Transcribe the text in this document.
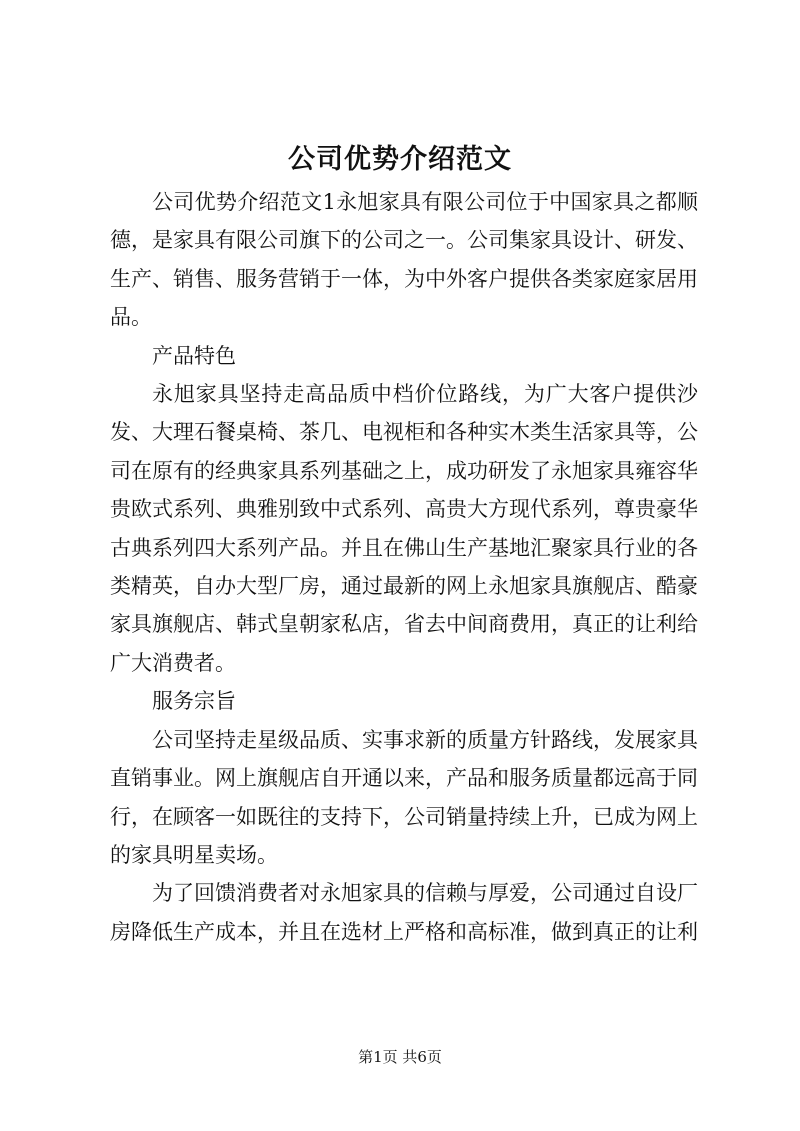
公司优势介绍范文

公司优势介绍范文1永旭家具有限公司位于中国家具之都顺德，是家具有限公司旗下的公司之一。公司集家具设计、研发、生产、销售、服务营销于一体，为中外客户提供各类家庭家居用品。

产品特色

永旭家具坚持走高品质中档价位路线，为广大客户提供沙发、大理石餐桌椅、茶几、电视柜和各种实木类生活家具等，公司在原有的经典家具系列基础之上，成功研发了永旭家具雍容华贵欧式系列、典雅别致中式系列、高贵大方现代系列，尊贵豪华古典系列四大系列产品。并且在佛山生产基地汇聚家具行业的各类精英，自办大型厂房，通过最新的网上永旭家具旗舰店、酷豪家具旗舰店、韩式皇朝家私店，省去中间商费用，真正的让利给广大消费者。

服务宗旨

公司坚持走星级品质、实事求新的质量方针路线，发展家具直销事业。网上旗舰店自开通以来，产品和服务质量都远高于同行，在顾客一如既往的支持下，公司销量持续上升，已成为网上的家具明星卖场。

为了回馈消费者对永旭家具的信赖与厚爱，公司通过自设厂房降低生产成本，并且在选材上严格和高标准，做到真正的让利

第1页 共6页
